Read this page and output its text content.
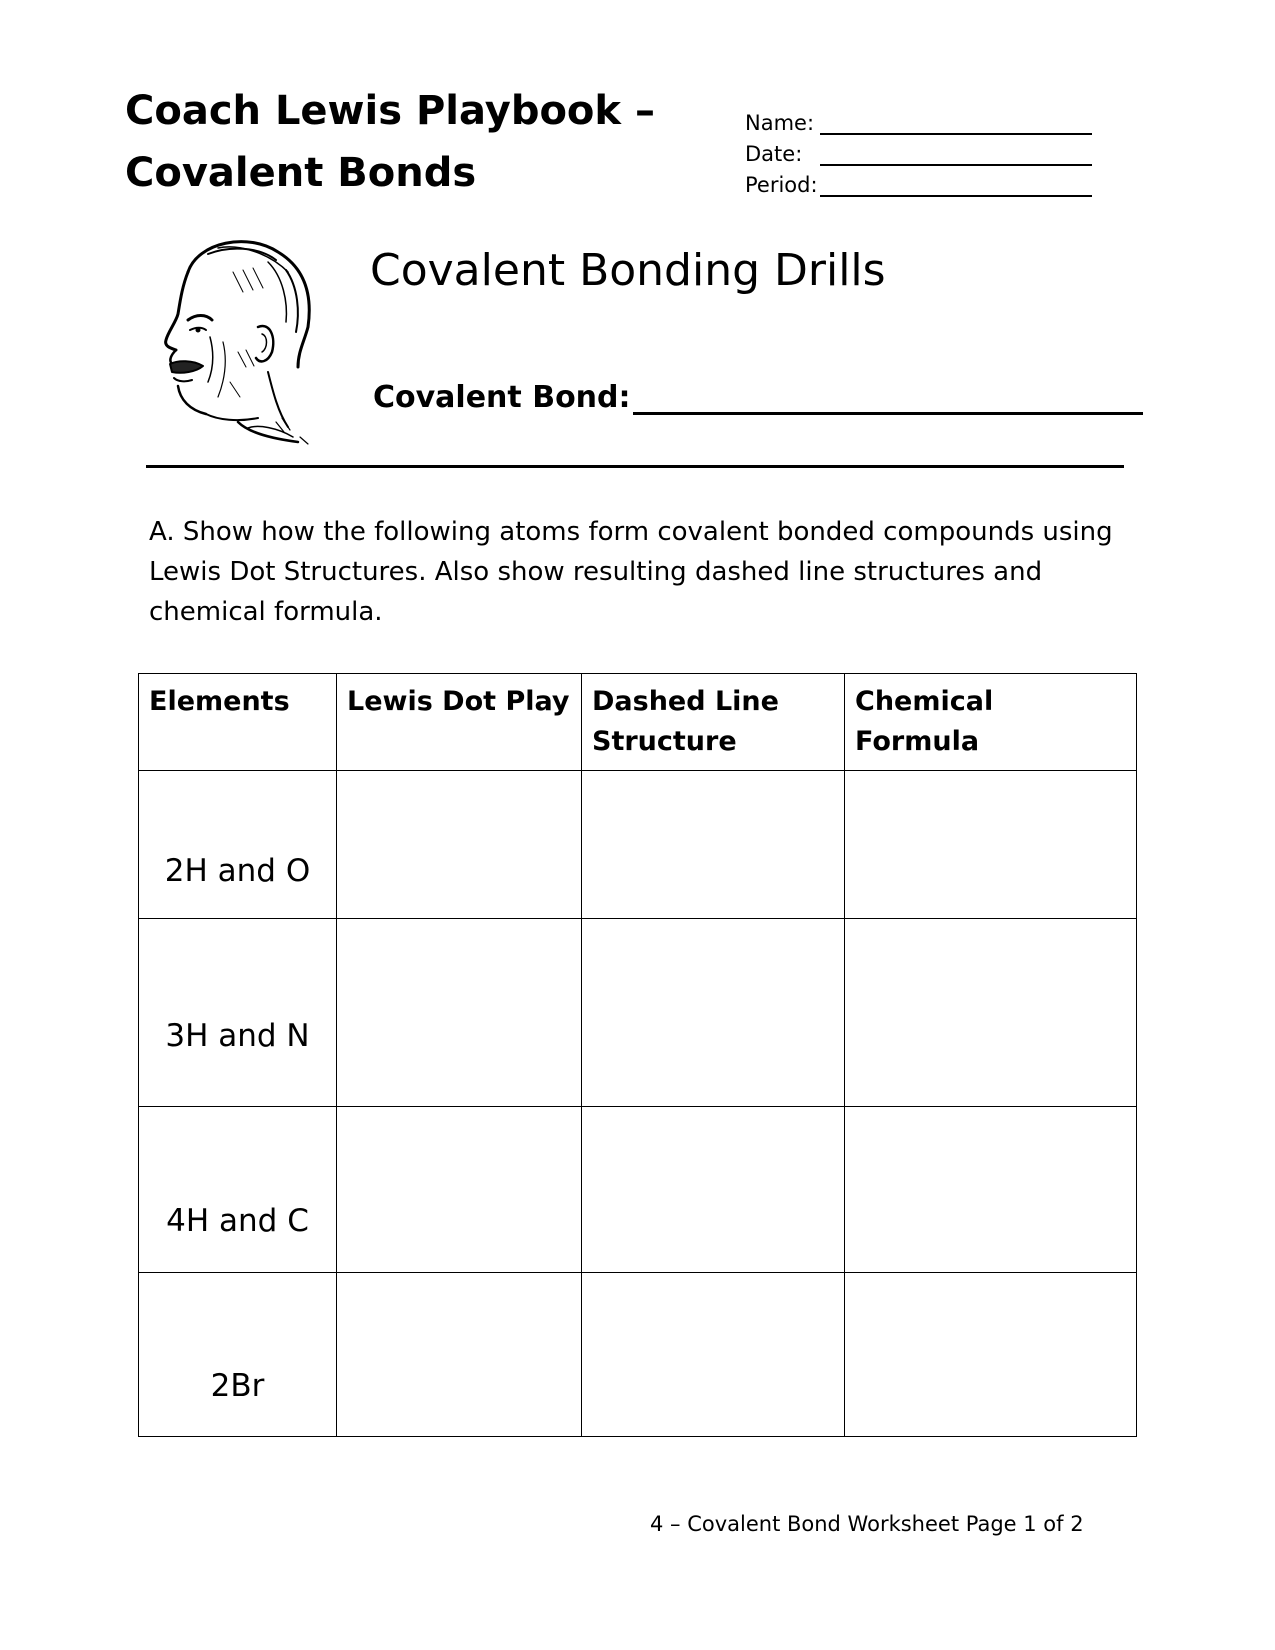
Coach Lewis Playbook –
Covalent Bonds
Name:
Date:
Period:
Covalent Bonding Drills
Covalent Bond:
A. Show how the following atoms form covalent bonded compounds using Lewis Dot Structures. Also show resulting dashed line structures and chemical formula.
Elements	Lewis Dot Play	Dashed Line Structure	Chemical Formula
2H and O			
3H and N			
4H and C			
2Br			
4 – Covalent Bond Worksheet Page 1 of 2
